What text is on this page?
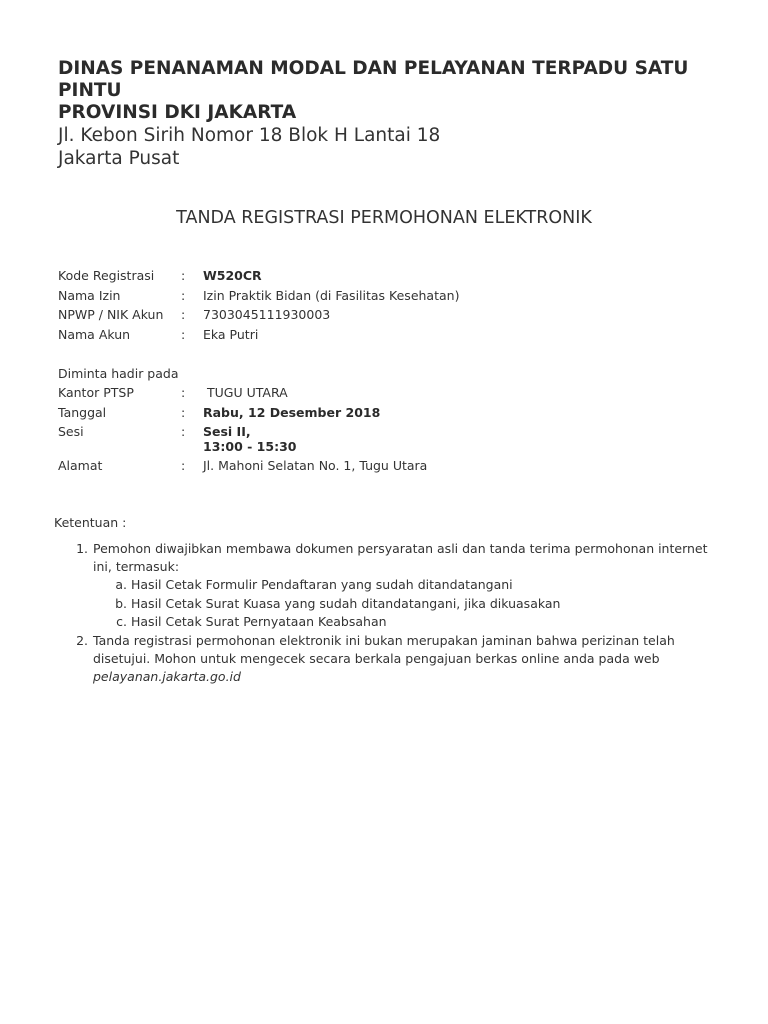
DINAS PENANAMAN MODAL DAN PELAYANAN TERPADU SATU PINTU
PROVINSI DKI JAKARTA
Jl. Kebon Sirih Nomor 18 Blok H Lantai 18
Jakarta Pusat
TANDA REGISTRASI PERMOHONAN ELEKTRONIK
Kode Registrasi	:	W520CR
Nama Izin	:	Izin Praktik Bidan (di Fasilitas Kesehatan)
NPWP / NIK Akun	:	7303045111930003
Nama Akun	:	Eka Putri
Diminta hadir pada
Kantor PTSP	:	TUGU UTARA
Tanggal	:	Rabu, 12 Desember 2018
Sesi	:	Sesi II,
13:00 - 15:30
Alamat	:	Jl. Mahoni Selatan No. 1, Tugu Utara
Ketentuan :
1. Pemohon diwajibkan membawa dokumen persyaratan asli dan tanda terima permohonan internet ini, termasuk:
a. Hasil Cetak Formulir Pendaftaran yang sudah ditandatangani
b. Hasil Cetak Surat Kuasa yang sudah ditandatangani, jika dikuasakan
c. Hasil Cetak Surat Pernyataan Keabsahan
2. Tanda registrasi permohonan elektronik ini bukan merupakan jaminan bahwa perizinan telah disetujui. Mohon untuk mengecek secara berkala pengajuan berkas online anda pada web
pelayanan.jakarta.go.id
